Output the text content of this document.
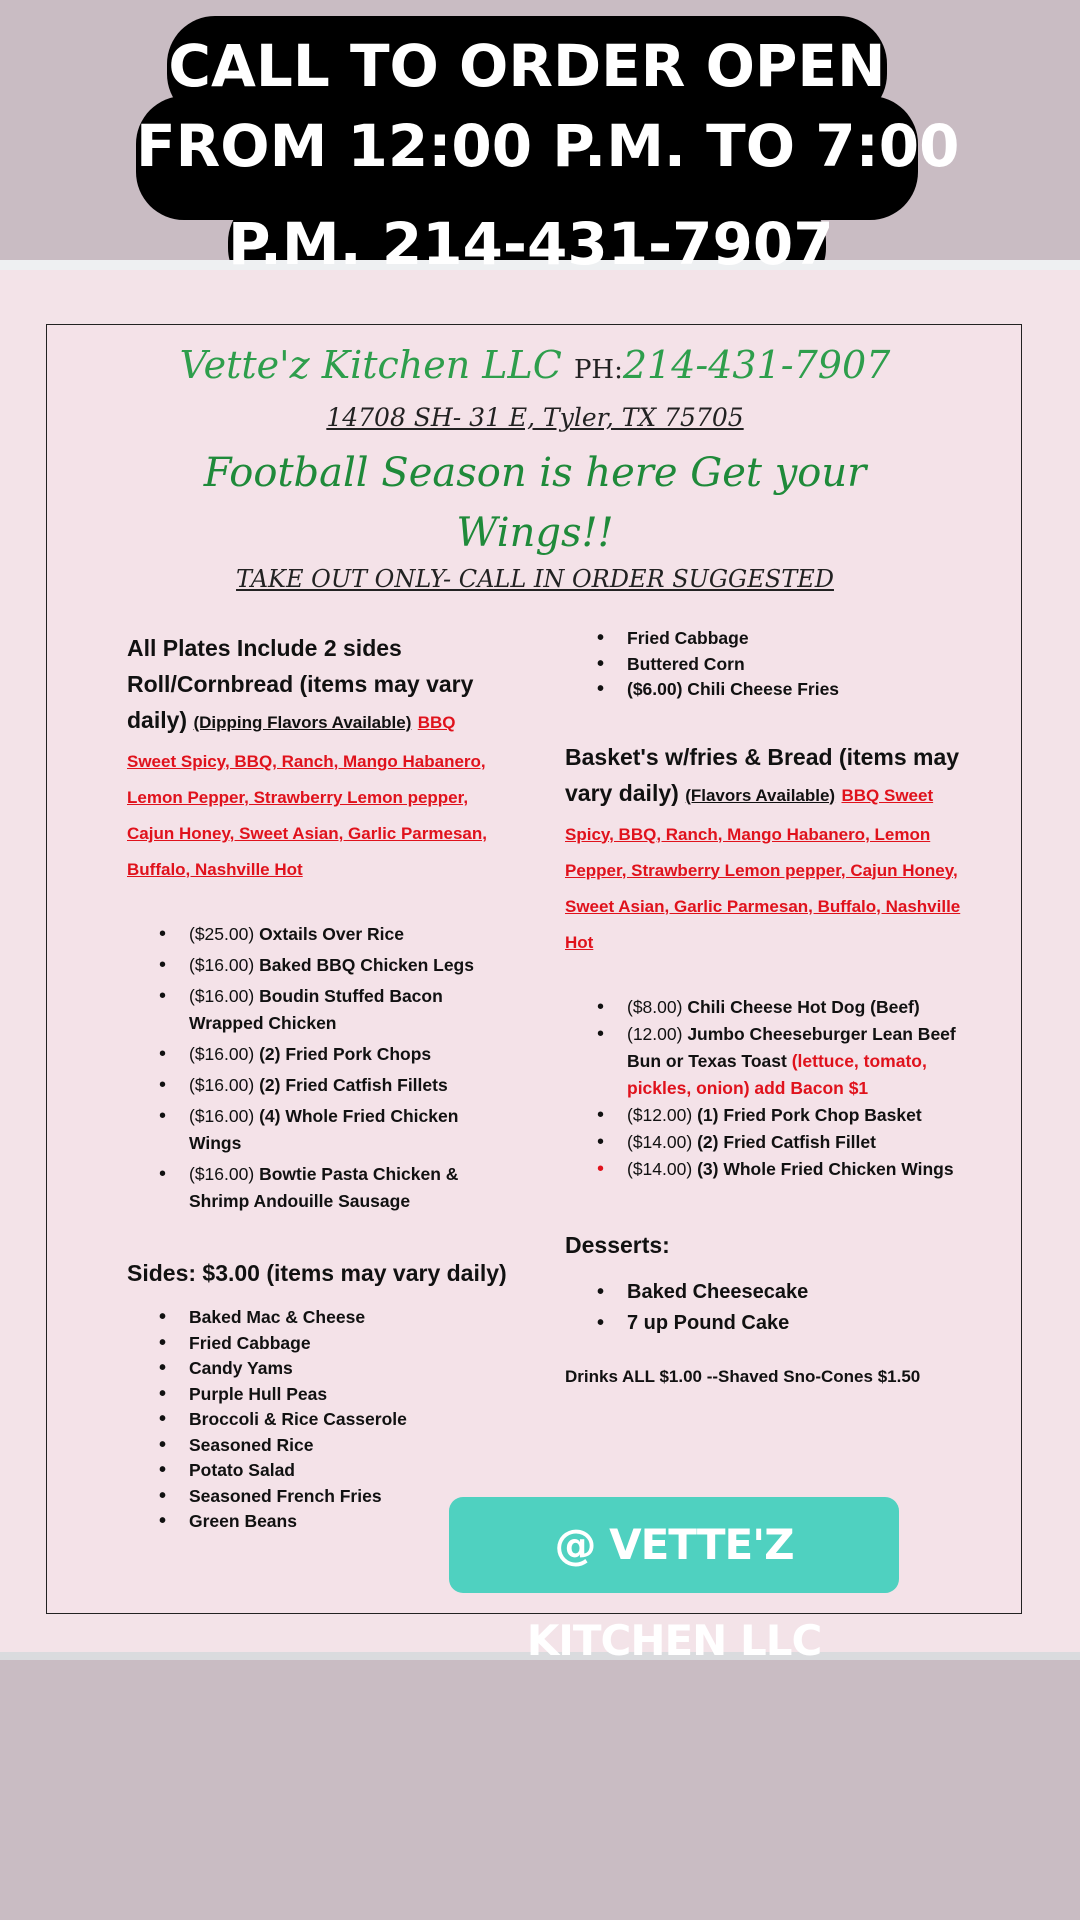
CALL TO ORDER OPEN
FROM 12:00 P.M. TO 7:00
P.M. 214-431-7907
Vette'z Kitchen LLC PH:214-431-7907
14708 SH- 31 E, Tyler, TX 75705
Football Season is here Get your Wings!!
TAKE OUT ONLY- CALL IN ORDER SUGGESTED
All Plates Include 2 sides Roll/Cornbread (items may vary daily) (Dipping Flavors Available) BBQ Sweet Spicy, BBQ, Ranch, Mango Habanero, Lemon Pepper, Strawberry Lemon pepper, Cajun Honey, Sweet Asian, Garlic Parmesan, Buffalo, Nashville Hot
• ($25.00) Oxtails Over Rice
• ($16.00) Baked BBQ Chicken Legs
• ($16.00) Boudin Stuffed Bacon Wrapped Chicken
• ($16.00) (2) Fried Pork Chops
• ($16.00) (2) Fried Catfish Fillets
• ($16.00) (4) Whole Fried Chicken Wings
• ($16.00) Bowtie Pasta Chicken & Shrimp Andouille Sausage
Sides: $3.00 (items may vary daily)
• Baked Mac & Cheese
• Fried Cabbage
• Candy Yams
• Purple Hull Peas
• Broccoli & Rice Casserole
• Seasoned Rice
• Potato Salad
• Seasoned French Fries
• Green Beans
• Fried Cabbage
• Buttered Corn
• ($6.00) Chili Cheese Fries
Basket's w/fries & Bread (items may vary daily) (Flavors Available) BBQ Sweet Spicy, BBQ, Ranch, Mango Habanero, Lemon Pepper, Strawberry Lemon pepper, Cajun Honey, Sweet Asian, Garlic Parmesan, Buffalo, Nashville Hot
• ($8.00) Chili Cheese Hot Dog (Beef)
• (12.00) Jumbo Cheeseburger Lean Beef Bun or Texas Toast (lettuce, tomato, pickles, onion) add Bacon $1
• ($12.00) (1) Fried Pork Chop Basket
• ($14.00) (2) Fried Catfish Fillet
• ($14.00) (3) Whole Fried Chicken Wings
Desserts:
• Baked Cheesecake
• 7 up Pound Cake
Drinks ALL $1.00 --Shaved Sno-Cones $1.50
@ VETTE'Z KITCHEN LLC
